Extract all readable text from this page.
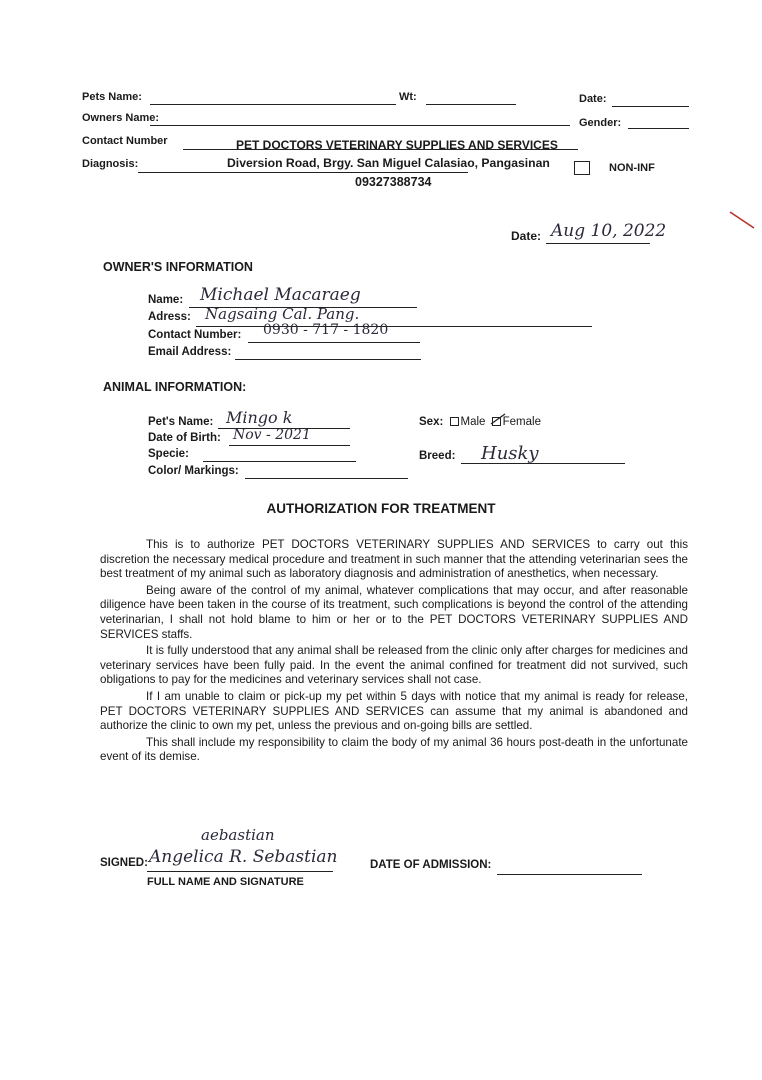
Pets Name:	Wt:	Date:
Owners Name:	Gender:
Contact Number	PET DOCTORS VETERINARY SUPPLIES AND SERVICES
Diagnosis:	Diversion Road, Brgy. San Miguel Calasiao, Pangasinan	NON-INF
09327388734
Date: Aug 10, 2022
OWNER'S INFORMATION
Name: Michael Macaraeg
Adress: Nagsaing Cal. Pang.
Contact Number: 0930 - 717 - 1820
Email Address:
ANIMAL INFORMATION:
Pet's Name: Mingo k
Date of Birth: Nov - 2021
Specie:
Color/ Markings:
Sex: Male Female
Breed: Husky
AUTHORIZATION FOR TREATMENT

This is to authorize PET DOCTORS VETERINARY SUPPLIES AND SERVICES to carry out this discretion the necessary medical procedure and treatment in such manner that the attending veterinarian sees the best treatment of my animal such as laboratory diagnosis and administration of anesthetics, when necessary.

Being aware of the control of my animal, whatever complications that may occur, and after reasonable diligence have been taken in the course of its treatment, such complications is beyond the control of the attending veterinarian, I shall not hold blame to him or her or to the PET DOCTORS VETERINARY SUPPLIES AND SERVICES staffs.

It is fully understood that any animal shall be released from the clinic only after charges for medicines and veterinary services have been fully paid. In the event the animal confined for treatment did not survived, such obligations to pay for the medicines and veterinary services shall not case.

If I am unable to claim or pick-up my pet within 5 days with notice that my animal is ready for release, PET DOCTORS VETERINARY SUPPLIES AND SERVICES can assume that my animal is abandoned and authorize the clinic to own my pet, unless the previous and on-going bills are settled.

This shall include my responsibility to claim the body of my animal 36 hours post-death in the unfortunate event of its demise.

aebastian
SIGNED: Angelica R. Sebastian
FULL NAME AND SIGNATURE
DATE OF ADMISSION:
